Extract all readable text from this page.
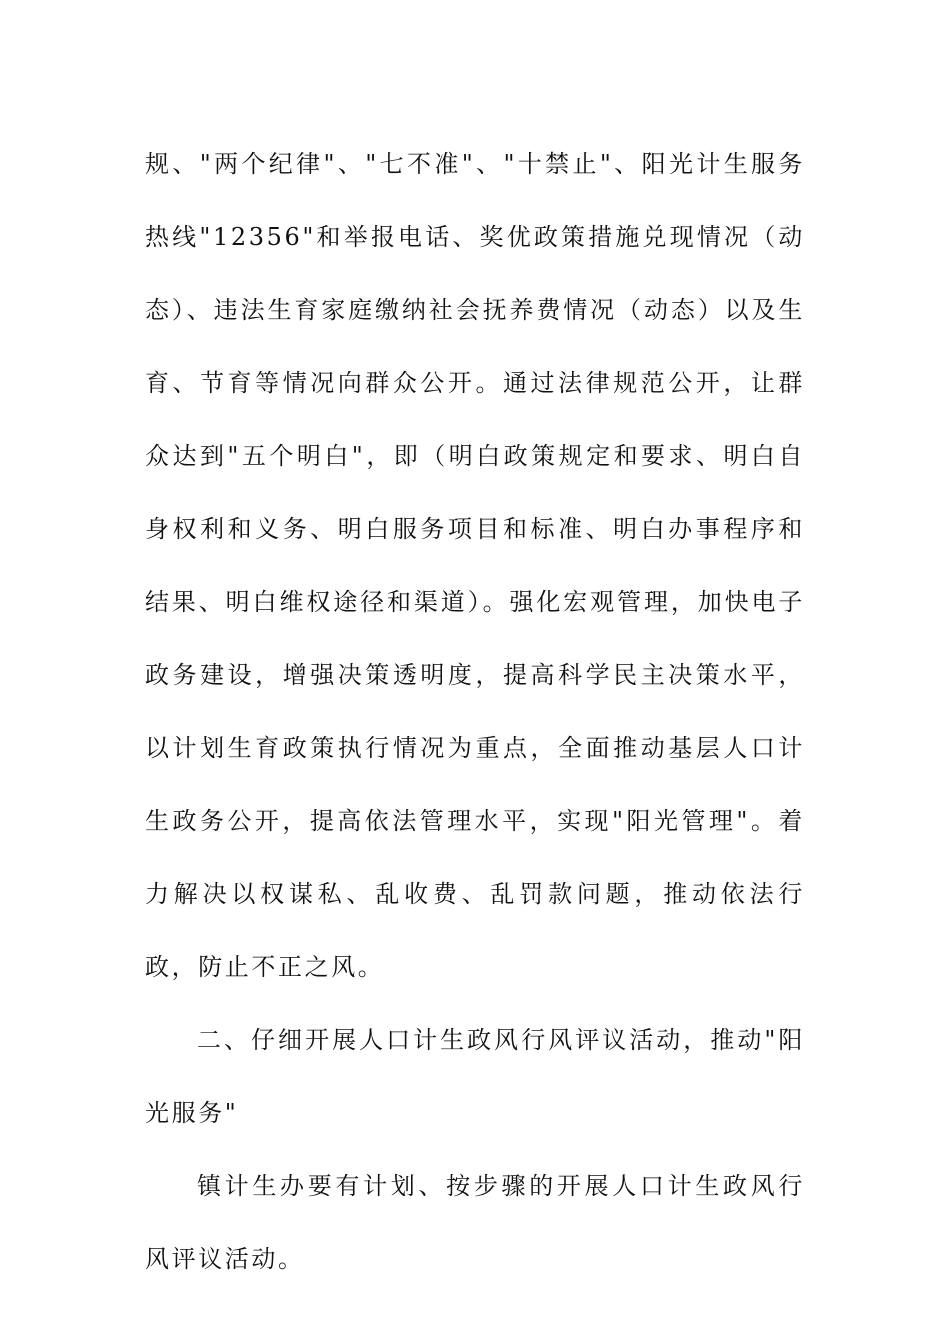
规、"两个纪律"、"七不准"、"十禁止"、阳光计生服务热线"12356"和举报电话、奖优政策措施兑现情况（动态）、违法生育家庭缴纳社会抚养费情况（动态）以及生育、节育等情况向群众公开。通过法律规范公开，让群众达到"五个明白"，即（明白政策规定和要求、明白自身权利和义务、明白服务项目和标准、明白办事程序和结果、明白维权途径和渠道）。强化宏观管理，加快电子政务建设，增强决策透明度，提高科学民主决策水平，以计划生育政策执行情况为重点，全面推动基层人口计生政务公开，提高依法管理水平，实现"阳光管理"。着力解决以权谋私、乱收费、乱罚款问题，推动依法行政，防止不正之风。

二、仔细开展人口计生政风行风评议活动，推动"阳光服务"

镇计生办要有计划、按步骤的开展人口计生政风行风评议活动。
